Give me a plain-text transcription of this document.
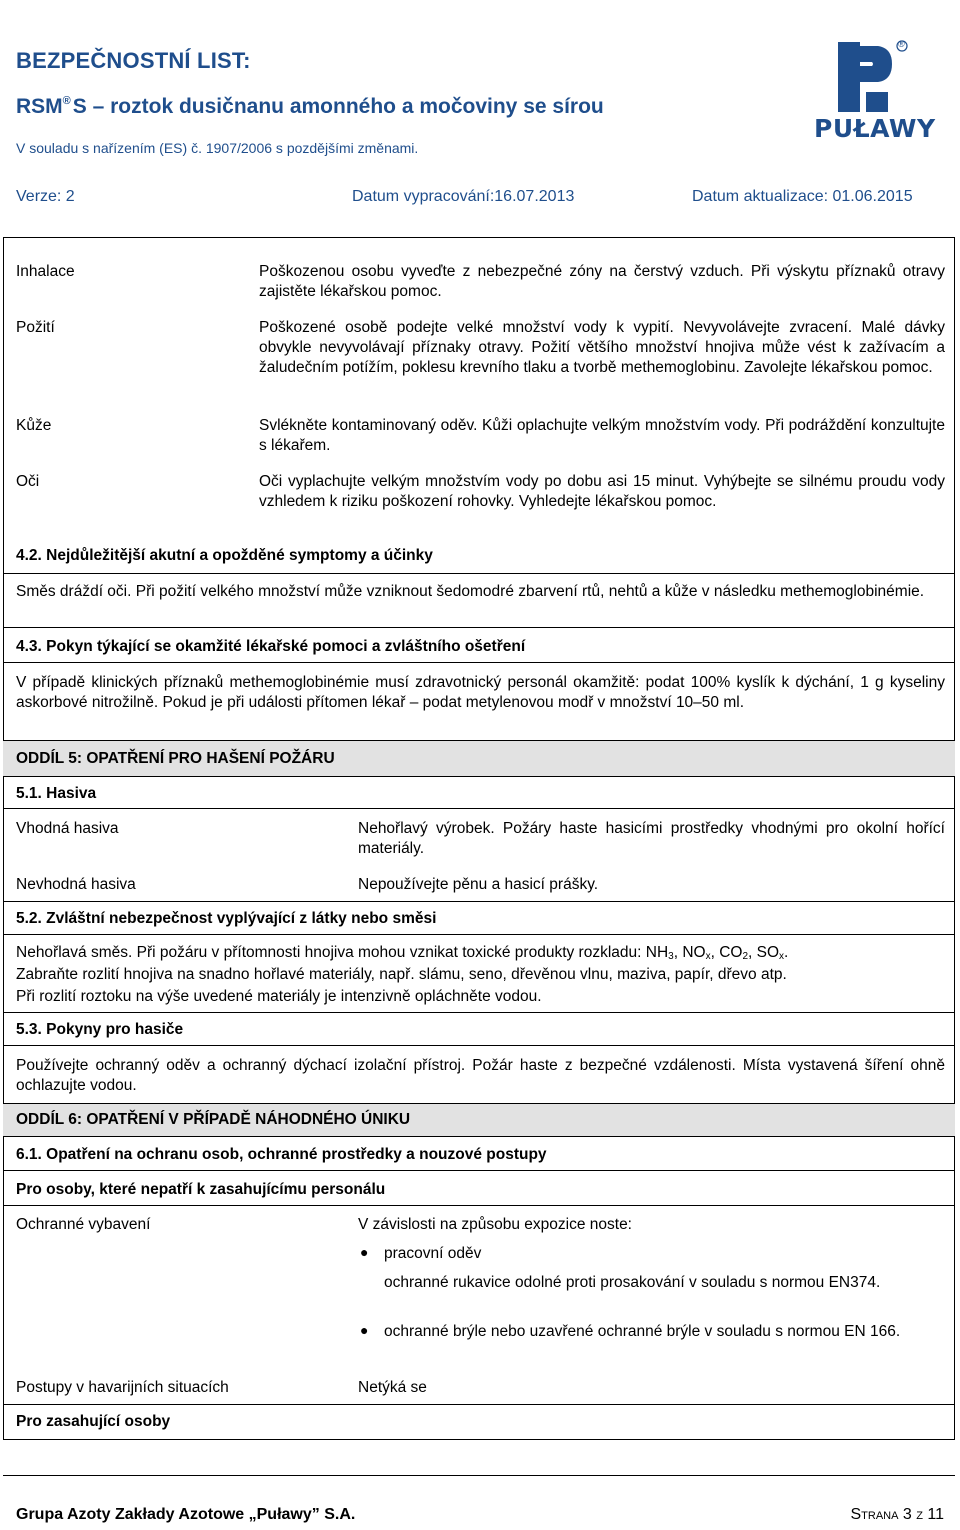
BEZPEČNOSTNÍ LIST:
RSM®S – roztok dusičnanu amonného a močoviny se sírou
V souladu s nařízením (ES) č. 1907/2006 s pozdějšími změnami.
Verze: 2	Datum vypracování:16.07.2013	Datum aktualizace: 01.06.2015
PUŁAWY
®
Inhalace	Poškozenou osobu vyveďte z nebezpečné zóny na čerstvý vzduch. Při výskytu příznaků otravy zajistěte lékařskou pomoc.
Požití	Poškozené osobě podejte velké množství vody k vypití. Nevyvolávejte zvracení. Malé dávky obvykle nevyvolávají příznaky otravy. Požití většího množství hnojiva může vést k zažívacím a žaludečním potížím, poklesu krevního tlaku a tvorbě methemoglobinu. Zavolejte lékařskou pomoc.
Kůže	Svlékněte kontaminovaný oděv. Kůži oplachujte velkým množstvím vody. Při podráždění konzultujte s lékařem.
Oči	Oči vyplachujte velkým množstvím vody po dobu asi 15 minut. Vyhýbejte se silnému proudu vody vzhledem k riziku poškození rohovky. Vyhledejte lékařskou pomoc.
4.2. Nejdůležitější akutní a opožděné symptomy a účinky
Směs dráždí oči. Při požití velkého množství může vzniknout šedomodré zbarvení rtů, nehtů a kůže v následku methemoglobinémie.
4.3. Pokyn týkající se okamžité lékařské pomoci a zvláštního ošetření
V případě klinických příznaků methemoglobinémie musí zdravotnický personál okamžitě: podat 100% kyslík k dýchání, 1 g kyseliny askorbové nitrožilně. Pokud je při události přítomen lékař – podat metylenovou modř v množství 10–50 ml.
ODDÍL 5: OPATŘENÍ PRO HAŠENÍ POŽÁRU
5.1. Hasiva
Vhodná hasiva	Nehořlavý výrobek. Požáry haste hasicími prostředky vhodnými pro okolní hořící materiály.
Nevhodná hasiva	Nepoužívejte pěnu a hasicí prášky.
5.2. Zvláštní nebezpečnost vyplývající z látky nebo směsi
Nehořlavá směs. Při požáru v přítomnosti hnojiva mohou vznikat toxické produkty rozkladu: $NH_3$, $NO_x$, $CO_2$, $SO_x$.
Zabraňte rozlití hnojiva na snadno hořlavé materiály, např. slámu, seno, dřevěnou vlnu, maziva, papír, dřevo atp.
Při rozlití roztoku na výše uvedené materiály je intenzivně opláchněte vodou.
5.3. Pokyny pro hasiče
Používejte ochranný oděv a ochranný dýchací izolační přístroj. Požár haste z bezpečné vzdálenosti. Místa vystavená šíření ohně ochlazujte vodou.
ODDÍL 6: OPATŘENÍ V PŘÍPADĚ NÁHODNÉHO ÚNIKU
6.1. Opatření na ochranu osob, ochranné prostředky a nouzové postupy
Pro osoby, které nepatří k zasahujícímu personálu
Ochranné vybavení	V závislosti na způsobu expozice noste:
● pracovní oděv
ochranné rukavice odolné proti prosakování v souladu s normou EN374.
● ochranné brýle nebo uzavřené ochranné brýle v souladu s normou EN 166.
Postupy v havarijních situacích	Netýká se
Pro zasahující osoby
Grupa Azoty Zakłady Azotowe „Puławy” S.A.	Strana 3 z 11
